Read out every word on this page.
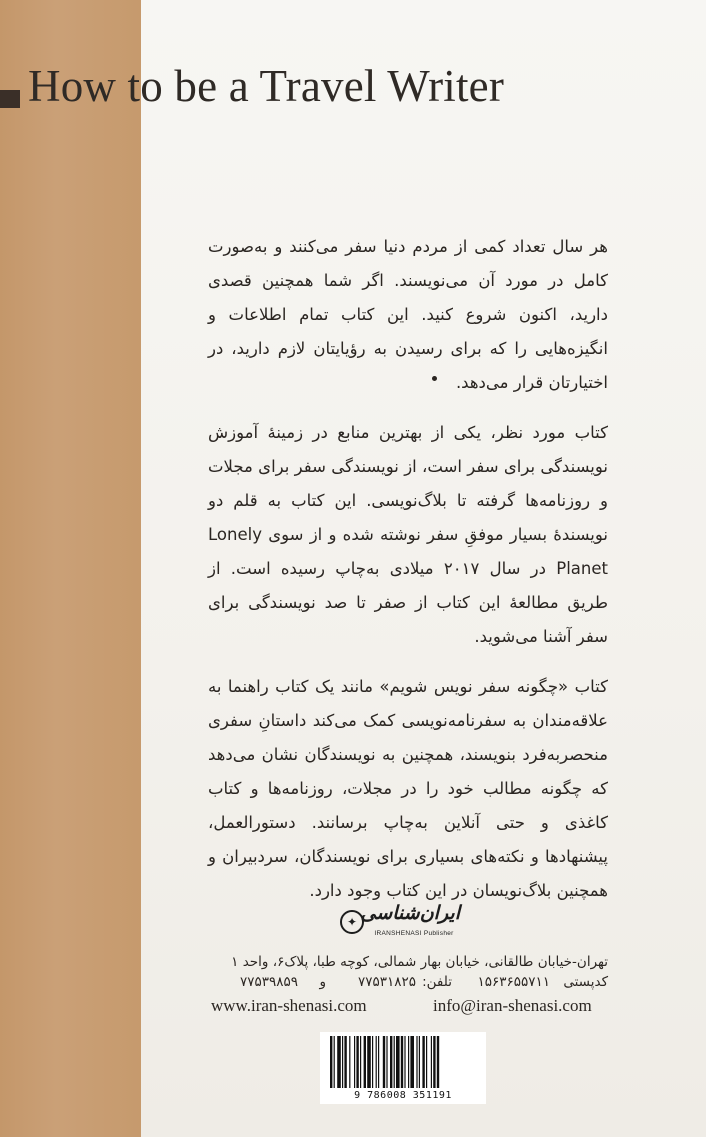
How to be a Travel Writer

هر سال تعداد کمی از مردم دنیا سفر می‌کنند و به‌صورت کامل در مورد آن می‌نویسند. اگر شما همچنین قصدی دارید، اکنون شروع کنید. این کتاب تمام اطلاعات و انگیزه‌هایی را که برای رسیدن به رؤیایتان لازم دارید، در اختیارتان قرار می‌دهد.

کتاب مورد نظر، یکی از بهترین منابع در زمینهٔ آموزش نویسندگی برای سفر است، از نویسندگی سفر برای مجلات و روزنامه‌ها گرفته تا بلاگ‌نویسی. این کتاب به قلم دو نویسندهٔ بسیار موفقِ سفر نوشته شده و از سوی Lonely Planet در سال ۲۰۱۷ میلادی به‌چاپ رسیده است. از طریق مطالعهٔ این کتاب از صفر تا صد نویسندگی برای سفر آشنا می‌شوید.

کتاب «چگونه سفر نویس شویم» مانند یک کتاب راهنما به علاقه‌مندان به سفرنامه‌نویسی کمک می‌کند داستانِ سفری منحصربه‌فرد بنویسند، همچنین به نویسندگان نشان می‌دهد که چگونه مطالب خود را در مجلات، روزنامه‌ها و کتاب کاغذی و حتی آنلاین به‌چاپ برسانند. دستورالعمل، پیشنهادها و نکته‌های بسیاری برای نویسندگان، سردبیران و همچنین بلاگ‌نویسان در این کتاب وجود دارد.

✦ ایران‌شناسی
IRANSHENASI Publisher
تهران-خیابان طالقانی، خیابان بهار شمالی، کوچه طبا، پلاک۶، واحد ۱
کدپستی
۱۵۶۳۶۵۵۷۱۱
تلفن:
۷۷۵۳۱۸۲۵
و
۷۷۵۳۹۸۵۹
www.iran-shenasi.com	info@iran-shenasi.com
9 786008 351191
